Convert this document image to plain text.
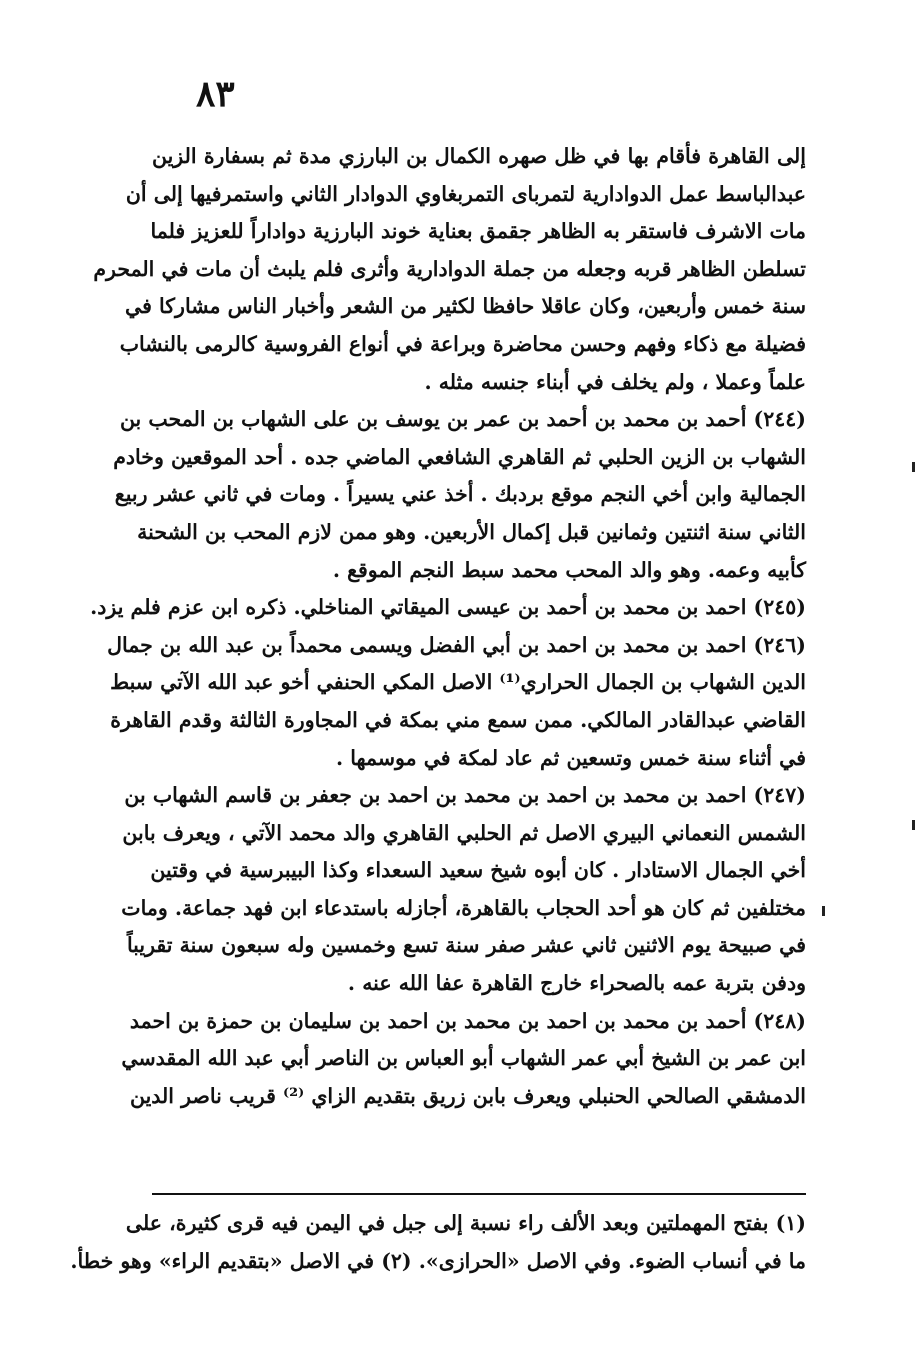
٨٣
إلى القاهرة فأقام بها في ظل صهره الكمال بن البارزي مدة ثم بسفارة الزين
عبدالباسط عمل الدوادارية لتمربای التمربغاوي الدوادار الثاني واستمرفيها إلى أن
مات الاشرف فاستقر به الظاهر جقمق بعناية خوند البارزية دواداراً للعزيز فلما
تسلطن الظاهر قربه وجعله من جملة الدوادارية وأثرى فلم يلبث أن مات في المحرم
سنة خمس وأربعين، وكان عاقلا حافظا لكثير من الشعر وأخبار الناس مشاركا في
فضيلة مع ذكاء وفهم وحسن محاضرة وبراعة في أنواع الفروسية كالرمى بالنشاب
علماً وعملا ، ولم يخلف في أبناء جنسه مثله .
(٢٤٤) أحمد بن محمد بن أحمد بن عمر بن يوسف بن على الشهاب بن المحب بن
الشهاب بن الزين الحلبي ثم القاهري الشافعي الماضي جده . أحد الموقعين وخادم
الجمالية وابن أخي النجم موقع بردبك . أخذ عني يسيراً . ومات في ثاني عشر ربيع
الثاني سنة اثنتين وثمانين قبل إكمال الأربعين. وهو ممن لازم المحب بن الشحنة
كأبيه وعمه. وهو والد المحب محمد سبط النجم الموقع .
(٢٤٥) احمد بن محمد بن أحمد بن عيسى الميقاتي المناخلي. ذكره ابن عزم فلم يزد.
(٢٤٦) احمد بن محمد بن احمد بن أبي الفضل ويسمى محمداً بن عبد الله بن جمال
الدين الشهاب بن الجمال الحراري⁽¹⁾ الاصل المكي الحنفي أخو عبد الله الآتي سبط
القاضي عبدالقادر المالكي. ممن سمع مني بمكة في المجاورة الثالثة وقدم القاهرة
في أثناء سنة خمس وتسعين ثم عاد لمكة في موسمها .
(٢٤٧) احمد بن محمد بن احمد بن محمد بن احمد بن جعفر بن قاسم الشهاب بن
الشمس النعماني البيري الاصل ثم الحلبي القاهري والد محمد الآتي ، ويعرف بابن
أخي الجمال الاستادار . كان أبوه شيخ سعيد السعداء وكذا البيبرسية في وقتين
مختلفين ثم كان هو أحد الحجاب بالقاهرة، أجازله باستدعاء ابن فهد جماعة. ومات
في صبيحة يوم الاثنين ثاني عشر صفر سنة تسع وخمسين وله سبعون سنة تقريباً
ودفن بتربة عمه بالصحراء خارج القاهرة عفا الله عنه .
(٢٤٨) أحمد بن محمد بن احمد بن محمد بن احمد بن سليمان بن حمزة بن احمد
ابن عمر بن الشيخ أبي عمر الشهاب أبو العباس بن الناصر أبي عبد الله المقدسي
الدمشقي الصالحي الحنبلي ويعرف بابن زريق بتقديم الزاي ⁽²⁾ قريب ناصر الدين
(١) بفتح المهملتين وبعد الألف راء نسبة إلى جبل في اليمن فيه قرى كثيرة، على
ما في أنساب الضوء. وفي الاصل «الحرازى». (٢) في الاصل «بتقديم الراء» وهو خطأ.
